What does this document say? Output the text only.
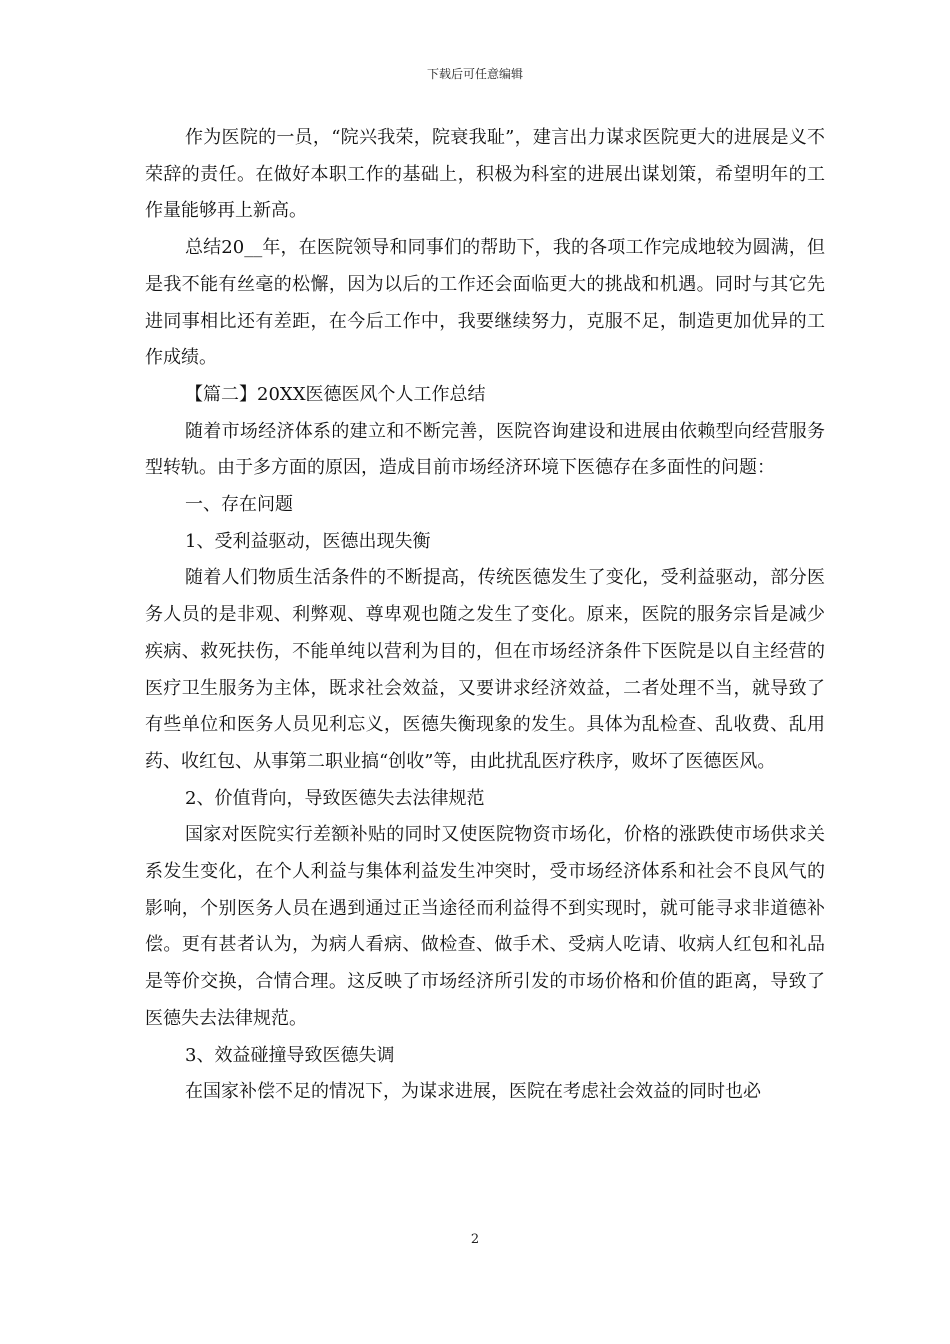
下载后可任意编辑

作为医院的一员，“院兴我荣，院衰我耻”，建言出力谋求医院更大的进展是义不荣辞的责任。在做好本职工作的基础上，积极为科室的进展出谋划策，希望明年的工作量能够再上新高。

总结20__年，在医院领导和同事们的帮助下，我的各项工作完成地较为圆满，但是我不能有丝毫的松懈，因为以后的工作还会面临更大的挑战和机遇。同时与其它先进同事相比还有差距，在今后工作中，我要继续努力，克服不足，制造更加优异的工作成绩。

【篇二】20XX医德医风个人工作总结

随着市场经济体系的建立和不断完善，医院咨询建设和进展由依赖型向经营服务型转轨。由于多方面的原因，造成目前市场经济环境下医德存在多面性的问题：

一、存在问题

1、受利益驱动，医德出现失衡

随着人们物质生活条件的不断提高，传统医德发生了变化，受利益驱动，部分医务人员的是非观、利弊观、尊卑观也随之发生了变化。原来，医院的服务宗旨是减少疾病、救死扶伤，不能单纯以营利为目的，但在市场经济条件下医院是以自主经营的医疗卫生服务为主体，既求社会效益，又要讲求经济效益，二者处理不当，就导致了有些单位和医务人员见利忘义，医德失衡现象的发生。具体为乱检查、乱收费、乱用药、收红包、从事第二职业搞“创收”等，由此扰乱医疗秩序，败坏了医德医风。

2、价值背向，导致医德失去法律规范

国家对医院实行差额补贴的同时又使医院物资市场化，价格的涨跌使市场供求关系发生变化，在个人利益与集体利益发生冲突时，受市场经济体系和社会不良风气的影响，个别医务人员在遇到通过正当途径而利益得不到实现时，就可能寻求非道德补偿。更有甚者认为，为病人看病、做检查、做手术、受病人吃请、收病人红包和礼品是等价交换，合情合理。这反映了市场经济所引发的市场价格和价值的距离，导致了医德失去法律规范。

3、效益碰撞导致医德失调

在国家补偿不足的情况下，为谋求进展，医院在考虑社会效益的同时也必

2
